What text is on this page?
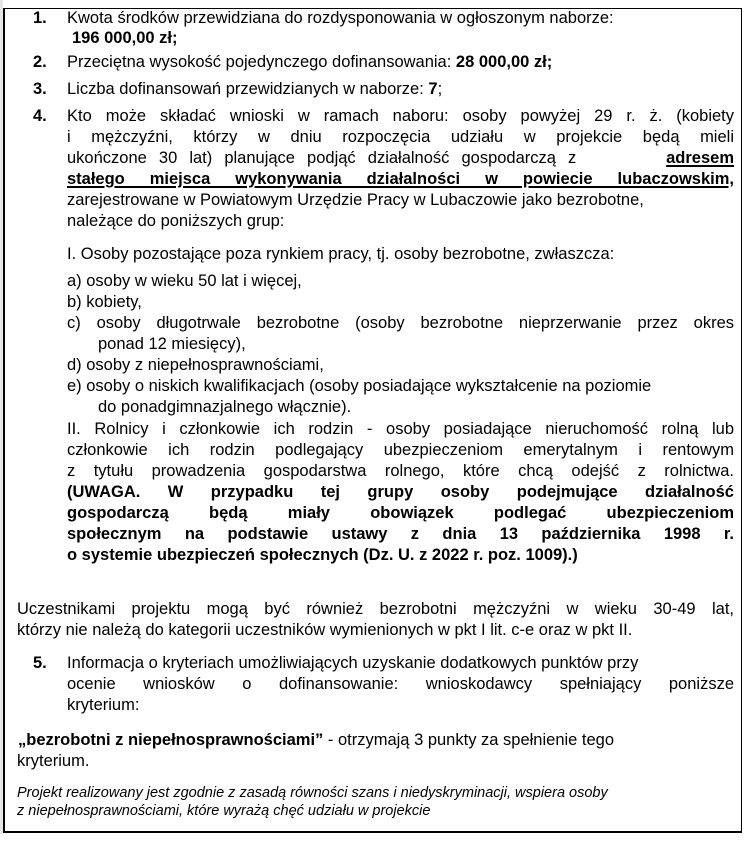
1. Kwota środków przewidziana do rozdysponowania w ogłoszonym naborze:
196 000,00 zł;
2. Przeciętna wysokość pojedynczego dofinansowania: 28 000,00 zł;
3. Liczba dofinansowań przewidzianych w naborze: 7;
4. Kto może składać wnioski w ramach naboru: osoby powyżej 29 r. ż. (kobiety
i mężczyźni, którzy w dniu rozpoczęcia udziału w projekcie będą mieli
ukończone 30 lat) planujące podjąć działalność gospodarczą z	adresem
stałego miejsca wykonywania działalności w powiecie lubaczowskim,
zarejestrowane w Powiatowym Urzędzie Pracy w Lubaczowie jako bezrobotne,
należące do poniższych grup:
I. Osoby pozostające poza rynkiem pracy, tj. osoby bezrobotne, zwłaszcza:
a) osoby w wieku 50 lat i więcej,
b) kobiety,
c) osoby długotrwale bezrobotne (osoby bezrobotne nieprzerwanie przez okres
ponad 12 miesięcy),
d) osoby z niepełnosprawnościami,
e) osoby o niskich kwalifikacjach (osoby posiadające wykształcenie na poziomie
do ponadgimnazjalnego włącznie).
II. Rolnicy i członkowie ich rodzin - osoby posiadające nieruchomość rolną lub
członkowie ich rodzin podlegający ubezpieczeniom emerytalnym i rentowym
z tytułu prowadzenia gospodarstwa rolnego, które chcą odejść z rolnictwa.
(UWAGA. W przypadku tej grupy osoby podejmujące działalność
gospodarczą będą miały obowiązek podlegać ubezpieczeniom
społecznym na podstawie ustawy z dnia 13 października 1998 r.
o systemie ubezpieczeń społecznych (Dz. U. z 2022 r. poz. 1009).)
Uczestnikami projektu mogą być również bezrobotni mężczyźni w wieku 30-49 lat,
którzy nie należą do kategorii uczestników wymienionych w pkt I lit. c-e oraz w pkt II.
5. Informacja o kryteriach umożliwiających uzyskanie dodatkowych punktów przy
ocenie wniosków o dofinansowanie: wnioskodawcy spełniający poniższe
kryterium:
„bezrobotni z niepełnosprawnościami” - otrzymają 3 punkty za spełnienie tego
kryterium.
Projekt realizowany jest zgodnie z zasadą równości szans i niedyskryminacji, wspiera osoby
z niepełnosprawnościami, które wyrażą chęć udziału w projekcie
